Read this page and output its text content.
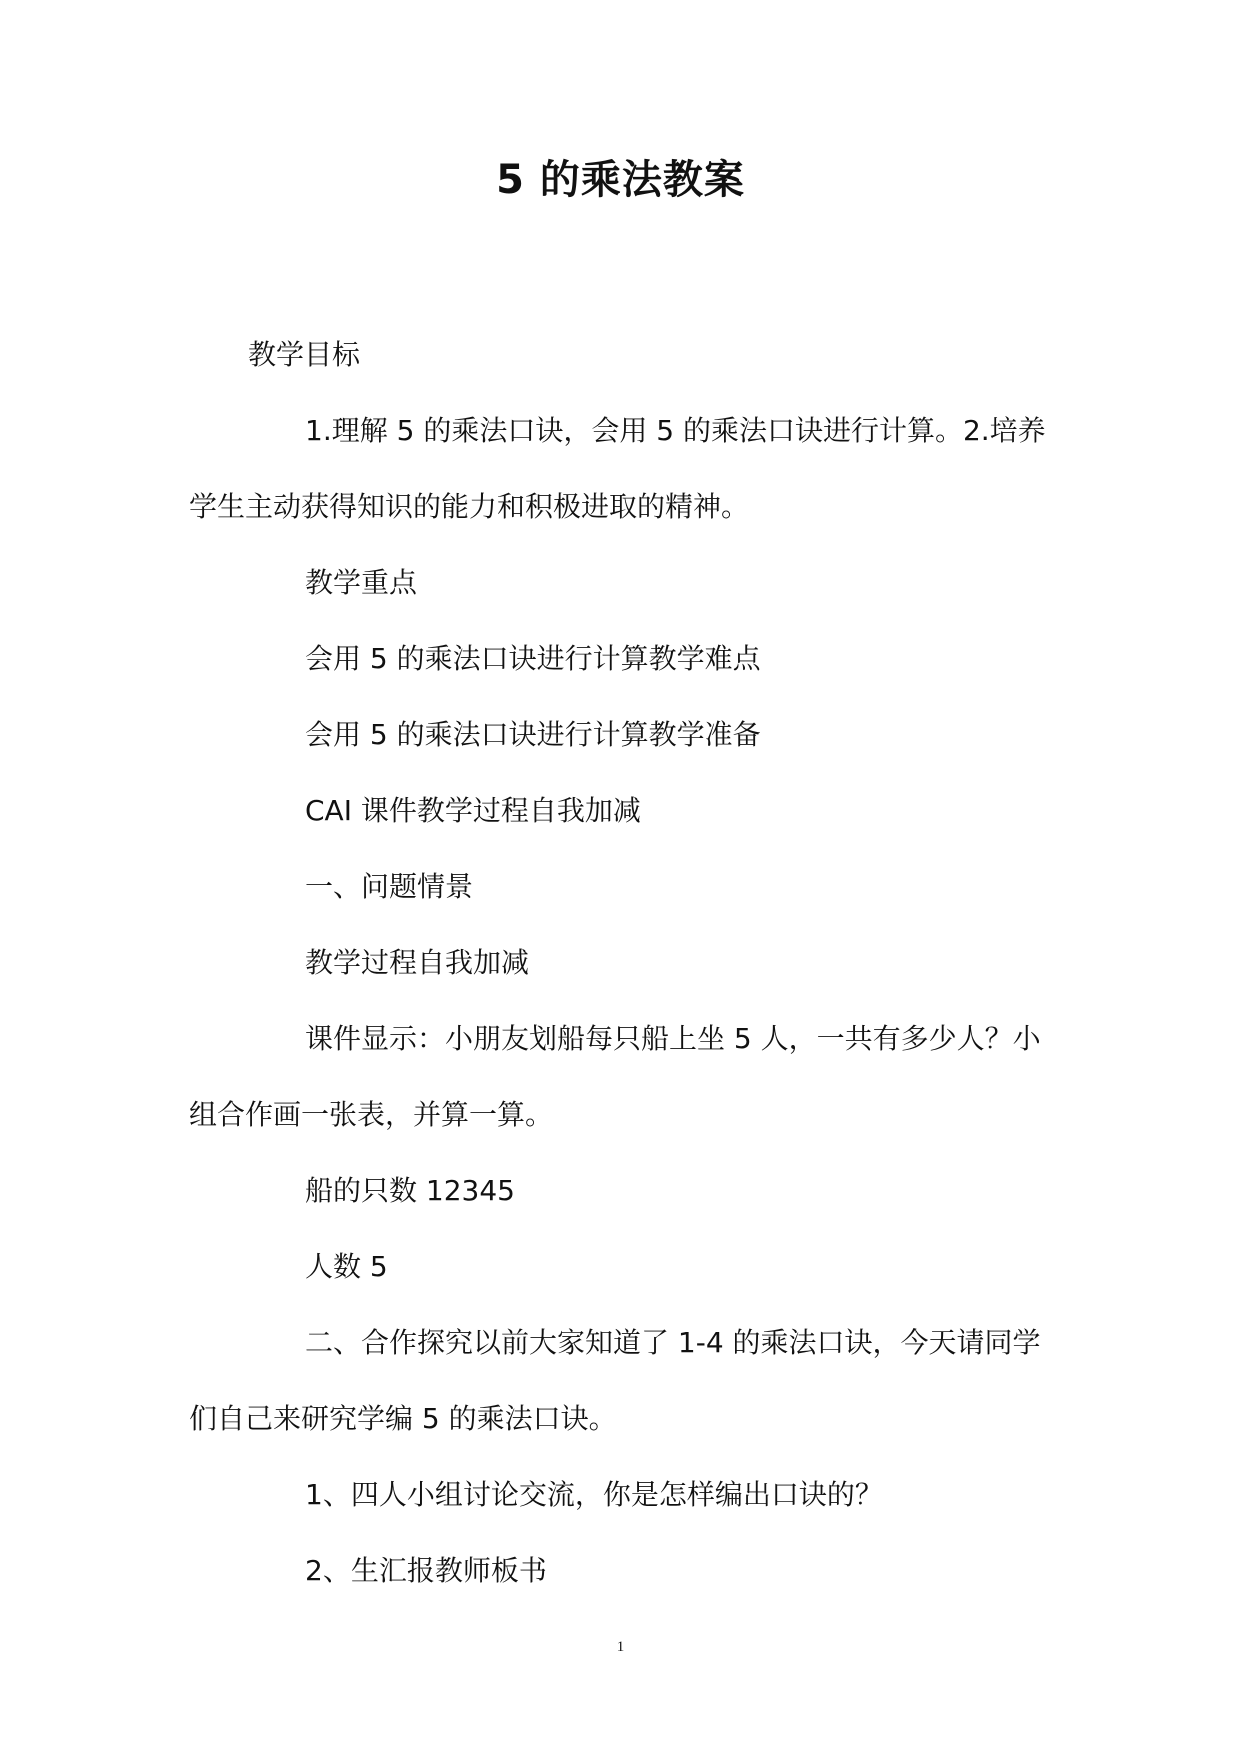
5 的乘法教案
教学目标
1.理解 5 的乘法口诀，会用 5 的乘法口诀进行计算。2.培养
学生主动获得知识的能力和积极进取的精神。
教学重点
会用 5 的乘法口诀进行计算教学难点
会用 5 的乘法口诀进行计算教学准备
CAI 课件教学过程自我加减
一、问题情景
教学过程自我加减
课件显示：小朋友划船每只船上坐 5 人，一共有多少人？小
组合作画一张表，并算一算。
船的只数 12345
人数 5
二、合作探究以前大家知道了 1-4 的乘法口诀，今天请同学
们自己来研究学编 5 的乘法口诀。
1、四人小组讨论交流，你是怎样编出口诀的？
2、生汇报教师板书
1
